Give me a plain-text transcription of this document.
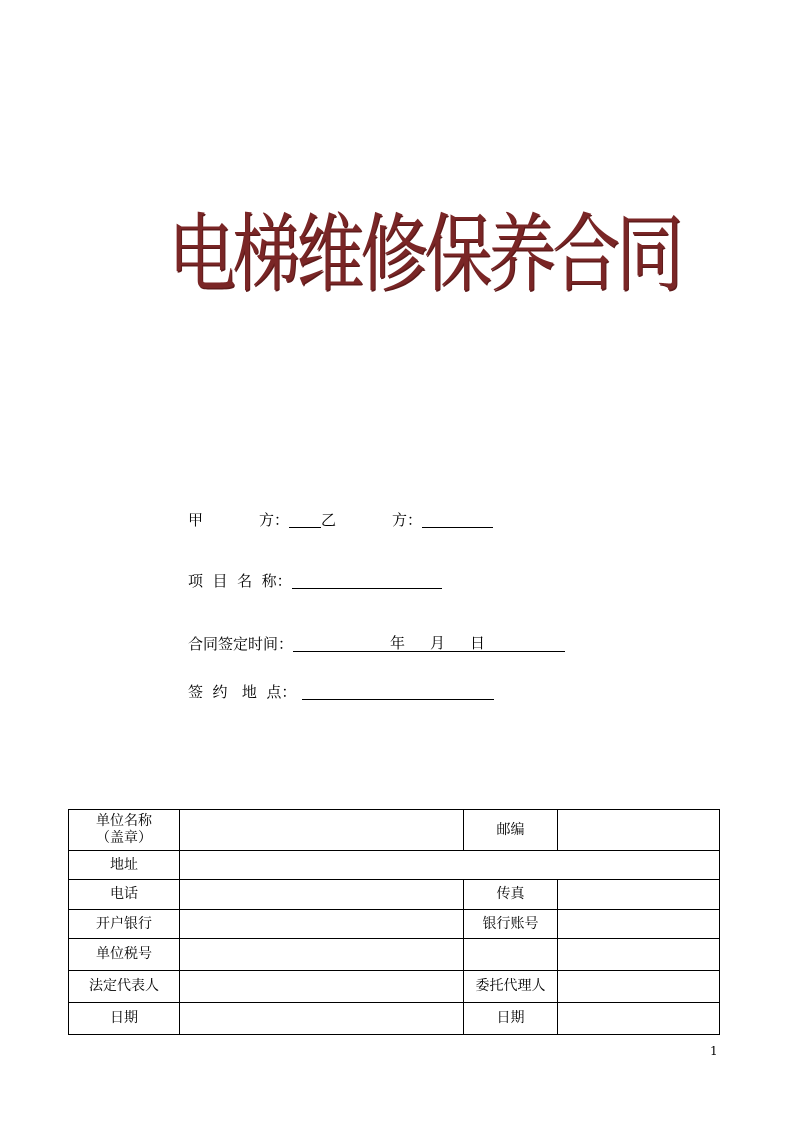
电梯维修保养合同
甲	方： 乙	方：
项  目  名  称：
合同签定时间：	年 月 日
签  约   地  点：
单位名称
（盖章）		邮编	
地址			
电话		传真	
开户银行		银行账号	
单位税号			
法定代表人		委托代理人	
日期		日期	
1
